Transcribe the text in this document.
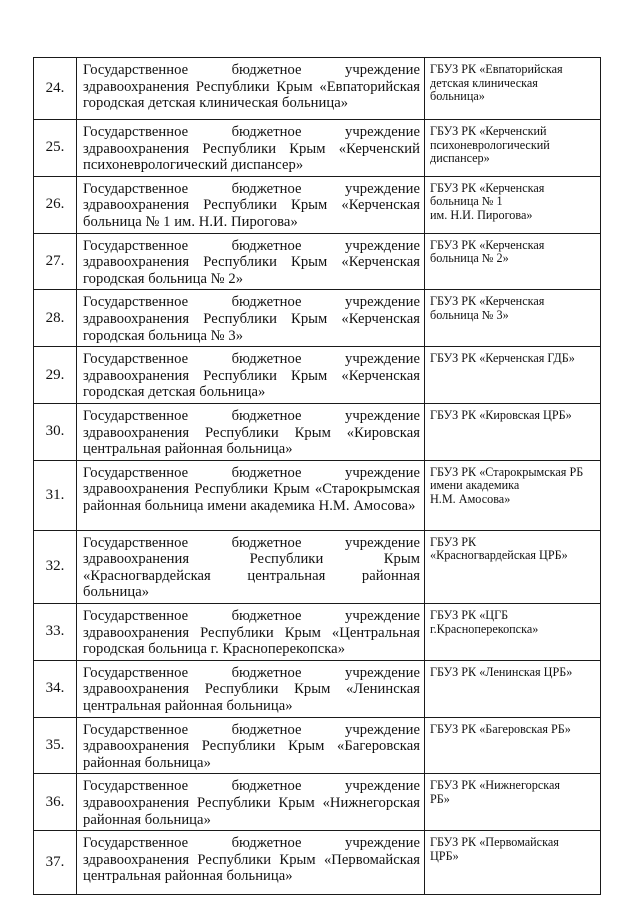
24.	Государственное бюджетное учреждение здравоохранения Республики Крым «Евпаторийская городская детская клиническая больница»	ГБУЗ РК «Евпаторийская
детская клиническая
больница»

25.	Государственное бюджетное учреждение здравоохранения Республики Крым «Керченский психоневрологический диспансер»	ГБУЗ РК «Керченский
психоневрологический
диспансер»

26.	Государственное бюджетное учреждение здравоохранения Республики Крым «Керченская больница № 1 им. Н.И. Пирогова»	ГБУЗ РК «Керченская
больница № 1
им. Н.И. Пирогова»

27.	Государственное бюджетное учреждение здравоохранения Республики Крым «Керченская городская больница № 2»	ГБУЗ РК «Керченская
больница № 2»

28.	Государственное бюджетное учреждение здравоохранения Республики Крым «Керченская городская больница № 3»	ГБУЗ РК «Керченская
больница № 3»

29.	Государственное бюджетное учреждение здравоохранения Республики Крым «Керченская городская детская больница»	ГБУЗ РК «Керченская ГДБ»

30.	Государственное бюджетное учреждение здравоохранения Республики Крым «Кировская центральная районная больница»	ГБУЗ РК «Кировская ЦРБ»

31.	Государственное бюджетное учреждение здравоохранения Республики Крым «Старокрымская районная больница имени академика Н.М. Амосова»	ГБУЗ РК «Старокрымская РБ
имени академика
Н.М. Амосова»

32.	Государственное бюджетное учреждение здравоохранения Республики Крым «Красногвардейская центральная районная больница»	ГБУЗ РК
«Красногвардейская ЦРБ»

33.	Государственное бюджетное учреждение здравоохранения Республики Крым «Центральная городская больница г. Красноперекопска»	ГБУЗ РК «ЦГБ
г.Красноперекопска»

34.	Государственное бюджетное учреждение здравоохранения Республики Крым «Ленинская центральная районная больница»	ГБУЗ РК «Ленинская ЦРБ»

35.	Государственное бюджетное учреждение здравоохранения Республики Крым «Багеровская районная больница»	ГБУЗ РК «Багеровская РБ»

36.	Государственное бюджетное учреждение здравоохранения Республики Крым «Нижнегорская районная больница»	ГБУЗ РК «Нижнегорская
РБ»

37.	Государственное бюджетное учреждение здравоохранения Республики Крым «Первомайская центральная районная больница»	ГБУЗ РК «Первомайская
ЦРБ»
